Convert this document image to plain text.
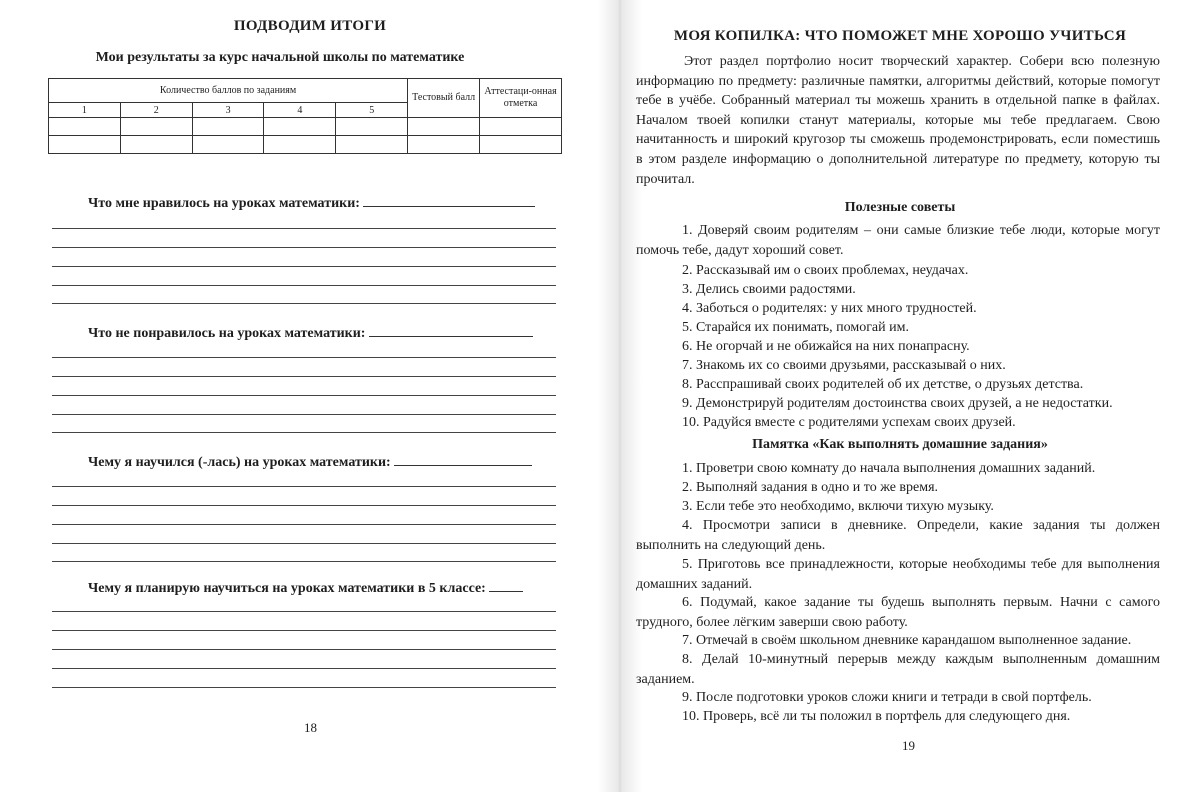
ПОДВОДИМ ИТОГИ
Мои результаты за курс начальной школы по математике
Количество баллов по заданиям					Тестовый балл	Аттестаци-онная отметка
1	2	3	4	5		

Что мне нравилось на уроках математики:
Что не понравилось на уроках математики:
Чему я научился (-лась) на уроках математики:
Чему я планирую научиться на уроках математики в 5 классе:
18
МОЯ КОПИЛКА: ЧТО ПОМОЖЕТ МНЕ ХОРОШО УЧИТЬСЯ
Этот раздел портфолио носит творческий характер. Собери всю полезную информацию по предмету: различные памятки, алгоритмы действий, которые помогут тебе в учёбе. Собранный материал ты можешь хранить в отдельной папке в файлах. Началом твоей копилки станут материалы, которые мы тебе предлагаем. Свою начитанность и широкий кругозор ты сможешь продемонстрировать, если поместишь в этом разделе информацию о дополнительной литературе по предмету, которую ты прочитал.
Полезные советы
1. Доверяй своим родителям – они самые близкие тебе люди, которые могут помочь тебе, дадут хороший совет.
2. Рассказывай им о своих проблемах, неудачах.
3. Делись своими радостями.
4. Заботься о родителях: у них много трудностей.
5. Старайся их понимать, помогай им.
6. Не огорчай и не обижайся на них понапрасну.
7. Знакомь их со своими друзьями, рассказывай о них.
8. Расспрашивай своих родителей об их детстве, о друзьях детства.
9. Демонстрируй родителям достоинства своих друзей, а не недостатки.
10. Радуйся вместе с родителями успехам своих друзей.
Памятка «Как выполнять домашние задания»
1. Проветри свою комнату до начала выполнения домашних заданий.
2. Выполняй задания в одно и то же время.
3. Если тебе это необходимо, включи тихую музыку.
4. Просмотри записи в дневнике. Определи, какие задания ты должен выполнить на следующий день.
5. Приготовь все принадлежности, которые необходимы тебе для выполнения домашних заданий.
6. Подумай, какое задание ты будешь выполнять первым. Начни с самого трудного, более лёгким заверши свою работу.
7. Отмечай в своём школьном дневнике карандашом выполненное задание.
8. Делай 10-минутный перерыв между каждым выполненным домашним заданием.
9. После подготовки уроков сложи книги и тетради в свой портфель.
10. Проверь, всё ли ты положил в портфель для следующего дня.
19
